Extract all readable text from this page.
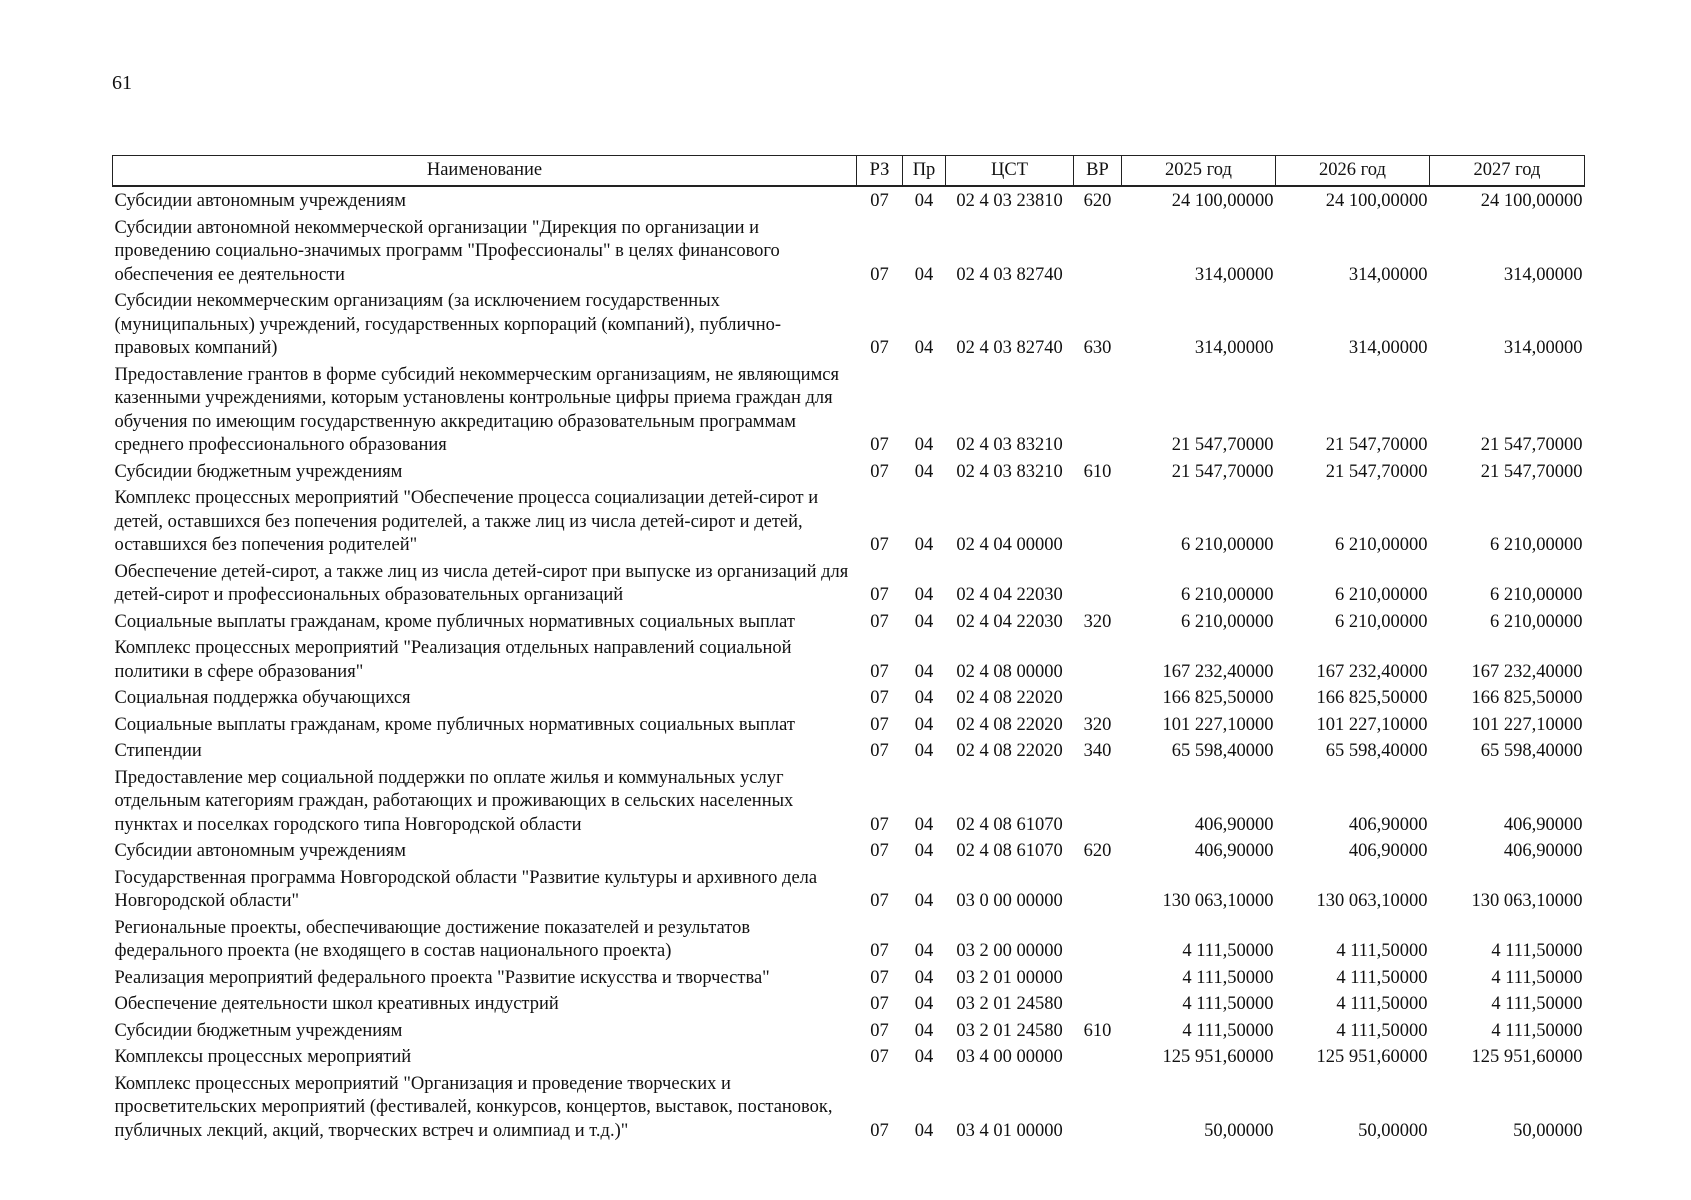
61
Наименование	РЗ	Пр	ЦСТ	ВР	2025 год	2026 год	2027 год
Субсидии автономным учреждениям	07	04	02 4 03 23810	620	24 100,00000	24 100,00000	24 100,00000
Субсидии автономной некоммерческой организации "Дирекция по организации и проведению социально-значимых программ "Профессионалы" в целях финансового обеспечения ее деятельности	07	04	02 4 03 82740		314,00000	314,00000	314,00000
Субсидии некоммерческим организациям (за исключением государственных (муниципальных) учреждений, государственных корпораций (компаний), публично-правовых компаний)	07	04	02 4 03 82740	630	314,00000	314,00000	314,00000
Предоставление грантов в форме субсидий некоммерческим организациям, не являющимся казенными учреждениями, которым установлены контрольные цифры приема граждан для обучения по имеющим государственную аккредитацию образовательным программам среднего профессионального образования	07	04	02 4 03 83210		21 547,70000	21 547,70000	21 547,70000
Субсидии бюджетным учреждениям	07	04	02 4 03 83210	610	21 547,70000	21 547,70000	21 547,70000
Комплекс процессных мероприятий "Обеспечение процесса социализации детей-сирот и детей, оставшихся без попечения родителей, а также лиц из числа детей-сирот и детей, оставшихся без попечения родителей"	07	04	02 4 04 00000		6 210,00000	6 210,00000	6 210,00000
Обеспечение детей-сирот, а также лиц из числа детей-сирот при выпуске из организаций для детей-сирот и профессиональных образовательных организаций	07	04	02 4 04 22030		6 210,00000	6 210,00000	6 210,00000
Социальные выплаты гражданам, кроме публичных нормативных социальных выплат	07	04	02 4 04 22030	320	6 210,00000	6 210,00000	6 210,00000
Комплекс процессных мероприятий "Реализация отдельных направлений социальной политики в сфере образования"	07	04	02 4 08 00000		167 232,40000	167 232,40000	167 232,40000
Социальная поддержка обучающихся	07	04	02 4 08 22020		166 825,50000	166 825,50000	166 825,50000
Социальные выплаты гражданам, кроме публичных нормативных социальных выплат	07	04	02 4 08 22020	320	101 227,10000	101 227,10000	101 227,10000
Стипендии	07	04	02 4 08 22020	340	65 598,40000	65 598,40000	65 598,40000
Предоставление мер социальной поддержки по оплате жилья и коммунальных услуг отдельным категориям граждан, работающих и проживающих в сельских населенных пунктах и поселках городского типа Новгородской области	07	04	02 4 08 61070		406,90000	406,90000	406,90000
Субсидии автономным учреждениям	07	04	02 4 08 61070	620	406,90000	406,90000	406,90000
Государственная программа Новгородской области "Развитие культуры и архивного дела Новгородской области"	07	04	03 0 00 00000		130 063,10000	130 063,10000	130 063,10000
Региональные проекты, обеспечивающие достижение показателей и результатов федерального проекта (не входящего в состав национального проекта)	07	04	03 2 00 00000		4 111,50000	4 111,50000	4 111,50000
Реализация мероприятий федерального проекта "Развитие искусства и творчества"	07	04	03 2 01 00000		4 111,50000	4 111,50000	4 111,50000
Обеспечение деятельности школ креативных индустрий	07	04	03 2 01 24580		4 111,50000	4 111,50000	4 111,50000
Субсидии бюджетным учреждениям	07	04	03 2 01 24580	610	4 111,50000	4 111,50000	4 111,50000
Комплексы процессных мероприятий	07	04	03 4 00 00000		125 951,60000	125 951,60000	125 951,60000
Комплекс процессных мероприятий "Организация и проведение творческих и просветительских мероприятий (фестивалей, конкурсов, концертов, выставок, постановок, публичных лекций, акций, творческих встреч и олимпиад и т.д.)"	07	04	03 4 01 00000		50,00000	50,00000	50,00000
